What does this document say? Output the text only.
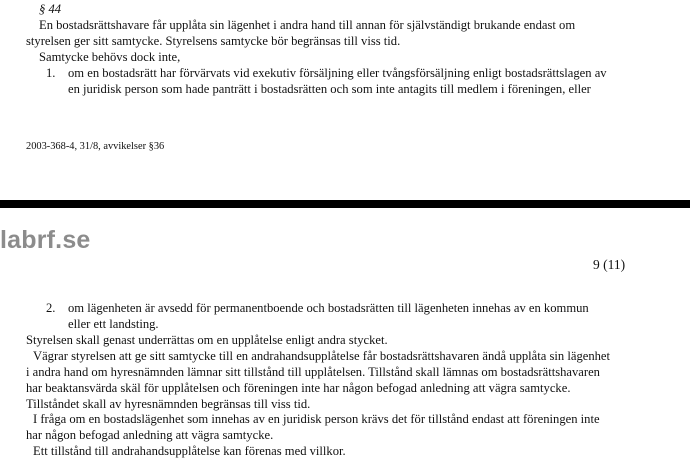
§ 44
En bostadsrättshavare får upplåta sin lägenhet i andra hand till annan för självständigt brukande endast om
styrelsen ger sitt samtycke. Styrelsens samtycke bör begränsas till viss tid.
Samtycke behövs dock inte,
1. om en bostadsrätt har förvärvats vid exekutiv försäljning eller tvångsförsäljning enligt bostadsrättslagen av
en juridisk person som hade panträtt i bostadsrätten och som inte antagits till medlem i föreningen, eller
2003-368-4, 31/8, avvikelser §36
labrf.se
9 (11)
2. om lägenheten är avsedd för permanentboende och bostadsrätten till lägenheten innehas av en kommun
eller ett landsting.
Styrelsen skall genast underrättas om en upplåtelse enligt andra stycket.
Vägrar styrelsen att ge sitt samtycke till en andrahandsupplåtelse får bostadsrättshavaren ändå upplåta sin lägenhet
i andra hand om hyresnämnden lämnar sitt tillstånd till upplåtelsen. Tillstånd skall lämnas om bostadsrättshavaren
har beaktansvärda skäl för upplåtelsen och föreningen inte har någon befogad anledning att vägra samtycke.
Tillståndet skall av hyresnämnden begränsas till viss tid.
I fråga om en bostadslägenhet som innehas av en juridisk person krävs det för tillstånd endast att föreningen inte
har någon befogad anledning att vägra samtycke.
Ett tillstånd till andrahandsupplåtelse kan förenas med villkor.
